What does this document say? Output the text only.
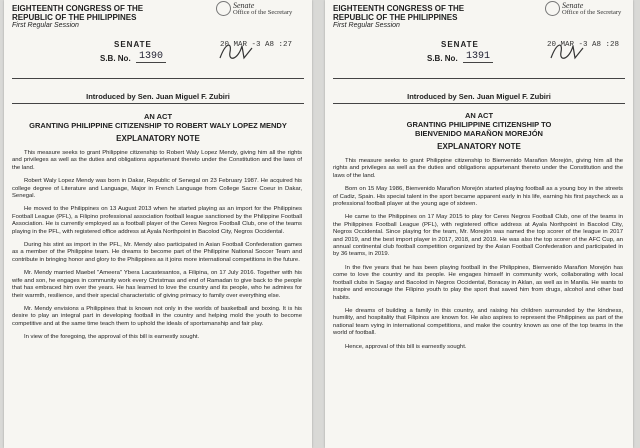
EIGHTEENTH CONGRESS OF THE
REPUBLIC OF THE PHILIPPINES
First Regular Session
Senate
Office of the Secretary
SENATE	20 MAR -3 A8 :27
S.B. No. 1390
Introduced by Sen. Juan Miguel F. Zubiri
AN ACT
GRANTING PHILIPPINE CITIZENSHIP TO ROBERT WALY LOPEZ MENDY
EXPLANATORY NOTE

This measure seeks to grant Philippine citizenship to Robert Waly Lopez Mendy, giving him all the rights and privileges as well as the duties and obligations appurtenant thereto under the Constitution and the laws of the land.

Robert Waly Lopez Mendy was born in Dakar, Republic of Senegal on 23 February 1987. He acquired his college degree of Literature and Language, Major in French Language from College Sacre Coeur in Dakar, Senegal.

He moved to the Philippines on 13 August 2013 when he started playing as an import for the Philippines Football League (PFL), a Filipino professional association football league sanctioned by the Philippine Football Association. He is currently employed as a football player of the Ceres Negros Football Club, one of the teams playing in the PFL, with registered office address at Ayala Northpoint in Bacolod City, Negros Occidental.

During his stint as import in the PFL, Mr. Mendy also participated in Asian Football Confederation games as a member of the Philippine team. He dreams to become part of the Philippine National Soccer Team and contribute in bringing honor and glory to the Philippines as it joins more international competitions in the future.

Mr. Mendy married Maebel "Ameera" Ybera Lacastesantos, a Filipina, on 17 July 2016. Together with his wife and son, he engages in community work every Christmas and end of Ramadan to give back to the people that has embraced him over the years. He has learned to love the country and its people, who he admires for their warmth, resilience, and their special characteristic of giving primacy to family over everything else.

Mr. Mendy envisions a Philippines that is known not only in the worlds of basketball and boxing. It is his desire to play an integral part in developing football in the country and helping mold the youth to become competitive and at the same time teach them to uphold the ideals of sportsmanship and fair play.

In view of the foregoing, the approval of this bill is earnestly sought.

EIGHTEENTH CONGRESS OF THE
REPUBLIC OF THE PHILIPPINES
First Regular Session
Senate
Office of the Secretary
SENATE	20 MAR -3 A8 :28
S.B. No. 1391
Introduced by Sen. Juan Miguel F. Zubiri
AN ACT
GRANTING PHILIPPINE CITIZENSHIP TO
BIENVENIDO MARAÑON MOREJÓN
EXPLANATORY NOTE

This measure seeks to grant Philippine citizenship to Bienvenido Marañon Morejón, giving him all the rights and privileges as well as the duties and obligations appurtenant thereto under the Constitution and the laws of the land.

Born on 15 May 1986, Bienvenido Marañon Morejón started playing football as a young boy in the streets of Cadiz, Spain. His special talent in the sport became apparent early in his life, earning his first paycheck as a professional football player at the young age of sixteen.

He came to the Philippines on 17 May 2015 to play for Ceres Negros Football Club, one of the teams in the Philippines Football League (PFL), with registered office address at Ayala Northpoint in Bacolod City, Negros Occidental. Since playing for the team, Mr. Morejón was named the top scorer of the league in 2017 and 2019, and the best import player in 2017, 2018, and 2019. He was also the top scorer of the AFC Cup, an annual continental club football competition organized by the Asian Football Confederation and participated in by 36 teams, in 2019.

In the five years that he has been playing football in the Philippines, Bienvenido Marañon Morejón has come to love the country and its people. He engages himself in community work, collaborating with local football clubs in Sagay and Bacolod in Negros Occidental, Boracay in Aklan, as well as in Manila. He wants to inspire and encourage the Filipino youth to play the sport that saved him from drugs, alcohol and other bad habits.

He dreams of building a family in this country, and raising his children surrounded by the kindness, humility, and hospitality that Filipinos are known for. He also aspires to represent the Philippines as part of the national team vying in international competitions, and make the country known as one of the top teams in the world of football.

Hence, approval of this bill is earnestly sought.
